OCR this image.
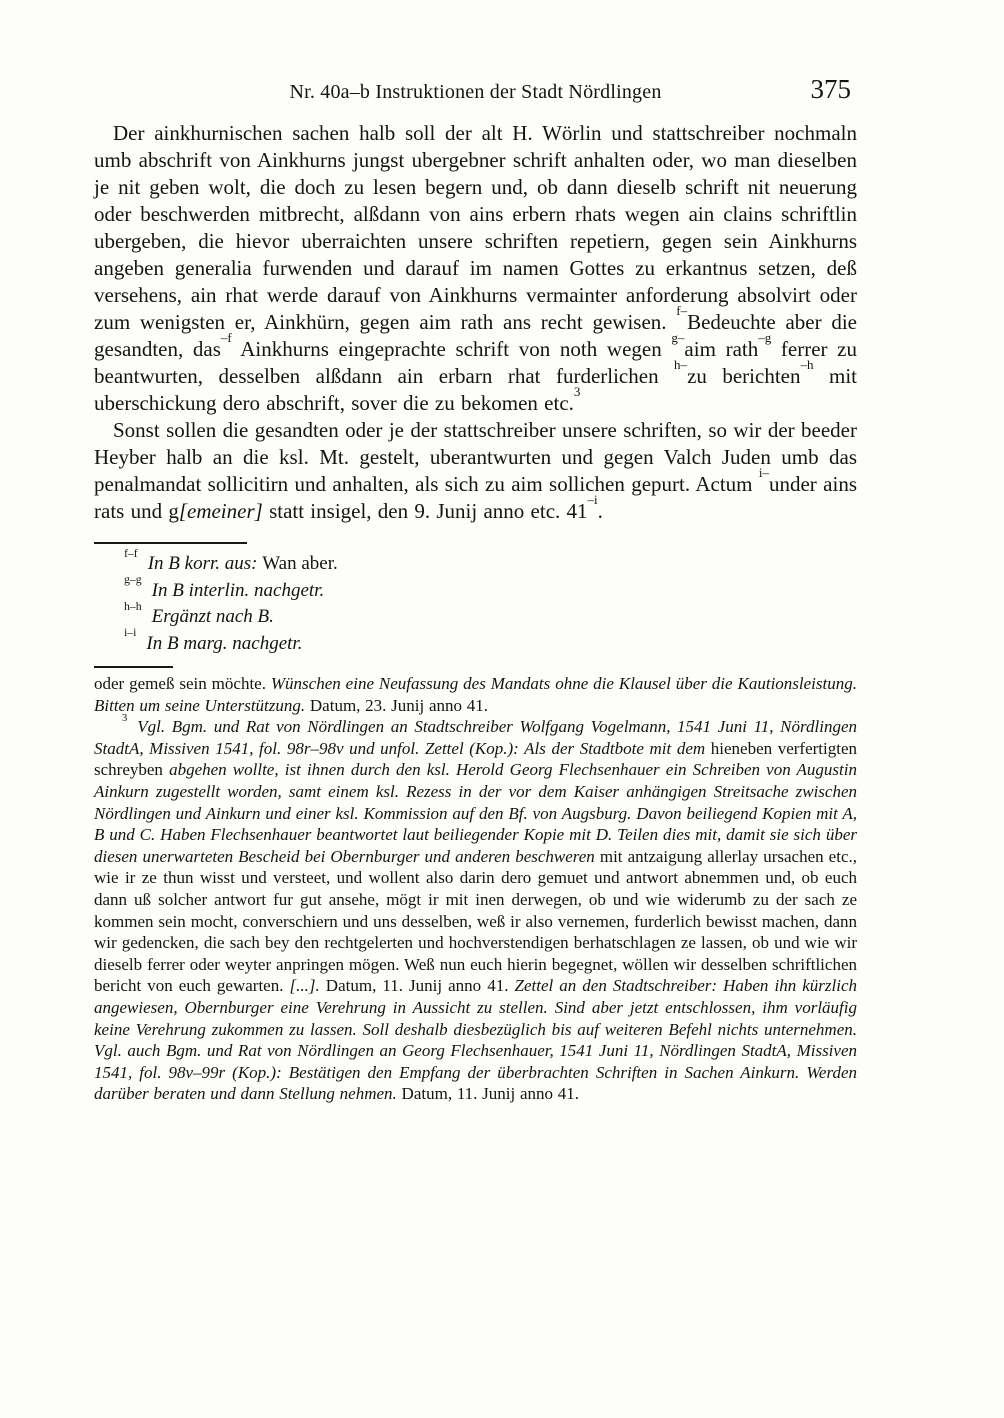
Nr. 40a–b Instruktionen der Stadt Nördlingen	375

Der ainkhurnischen sachen halb soll der alt H. Wörlin und stattschreiber nochmaln umb abschrift von Ainkhurns jungst ubergebner schrift anhalten oder, wo man dieselben je nit geben wolt, die doch zu lesen begern und, ob dann dieselb schrift nit neuerung oder beschwerden mitbrecht, alßdann von ains erbern rhats wegen ain clains schriftlin ubergeben, die hievor uberraichten unsere schriften repetiern, gegen sein Ainkhurns angeben generalia furwenden und darauf im namen Gottes zu erkantnus setzen, deß versehens, ain rhat werde darauf von Ainkhurns vermainter anforderung absolvirt oder zum wenigsten er, Ainkhürn, gegen aim rath ans recht gewisen. $^{f-}$Bedeuchte aber die gesandten, das$^{-f}$ Ainkhurns eingeprachte schrift von noth wegen $^{g-}$aim rath$^{-g}$ ferrer zu beantwurten, desselben alßdann ain erbarn rhat furderlichen $^{h-}$zu berichten$^{-h}$ mit uberschickung dero abschrift, sover die zu bekomen etc.$^3$

Sonst sollen die gesandten oder je der stattschreiber unsere schriften, so wir der beeder Heyber halb an die ksl. Mt. gestelt, uberantwurten und gegen Valch Juden umb das penalmandat sollicitirn und anhalten, als sich zu aim sollichen gepurt. Actum $^{i-}$under ains rats und g[emeiner] statt insigel, den 9. Junij anno etc. 41$^{-i}$.

$^{f-f}$ In B korr. aus: Wan aber.

$^{g-g}$ In B interlin. nachgetr.

$^{h-h}$ Ergänzt nach B.

$^{i-i}$ In B marg. nachgetr.

oder gemeß sein möchte. Wünschen eine Neufassung des Mandats ohne die Klausel über die Kautionsleistung. Bitten um seine Unterstützung. Datum, 23. Junij anno 41.

$^3$ Vgl. Bgm. und Rat von Nördlingen an Stadtschreiber Wolfgang Vogelmann, 1541 Juni 11, Nördlingen StadtA, Missiven 1541, fol. 98r–98v und unfol. Zettel (Kop.): Als der Stadtbote mit dem hieneben verfertigten schreyben abgehen wollte, ist ihnen durch den ksl. Herold Georg Flechsenhauer ein Schreiben von Augustin Ainkurn zugestellt worden, samt einem ksl. Rezess in der vor dem Kaiser anhängigen Streitsache zwischen Nördlingen und Ainkurn und einer ksl. Kommission auf den Bf. von Augsburg. Davon beiliegend Kopien mit A, B und C. Haben Flechsenhauer beantwortet laut beiliegender Kopie mit D. Teilen dies mit, damit sie sich über diesen unerwarteten Bescheid bei Obernburger und anderen beschweren mit antzaigung allerlay ursachen etc., wie ir ze thun wisst und versteet, und wollent also darin dero gemuet und antwort abnemmen und, ob euch dann uß solcher antwort fur gut ansehe, mögt ir mit inen derwegen, ob und wie widerumb zu der sach ze kommen sein mocht, converschiern und uns desselben, weß ir also vernemen, furderlich bewisst machen, dann wir gedencken, die sach bey den rechtgelerten und hochverstendigen berhatschlagen ze lassen, ob und wie wir dieselb ferrer oder weyter anpringen mögen. Weß nun euch hierin begegnet, wöllen wir desselben schriftlichen bericht von euch gewarten. [...]. Datum, 11. Junij anno 41. Zettel an den Stadtschreiber: Haben ihn kürzlich angewiesen, Obernburger eine Verehrung in Aussicht zu stellen. Sind aber jetzt entschlossen, ihm vorläufig keine Verehrung zukommen zu lassen. Soll deshalb diesbezüglich bis auf weiteren Befehl nichts unternehmen. Vgl. auch Bgm. und Rat von Nördlingen an Georg Flechsenhauer, 1541 Juni 11, Nördlingen StadtA, Missiven 1541, fol. 98v–99r (Kop.): Bestätigen den Empfang der überbrachten Schriften in Sachen Ainkurn. Werden darüber beraten und dann Stellung nehmen. Datum, 11. Junij anno 41.
